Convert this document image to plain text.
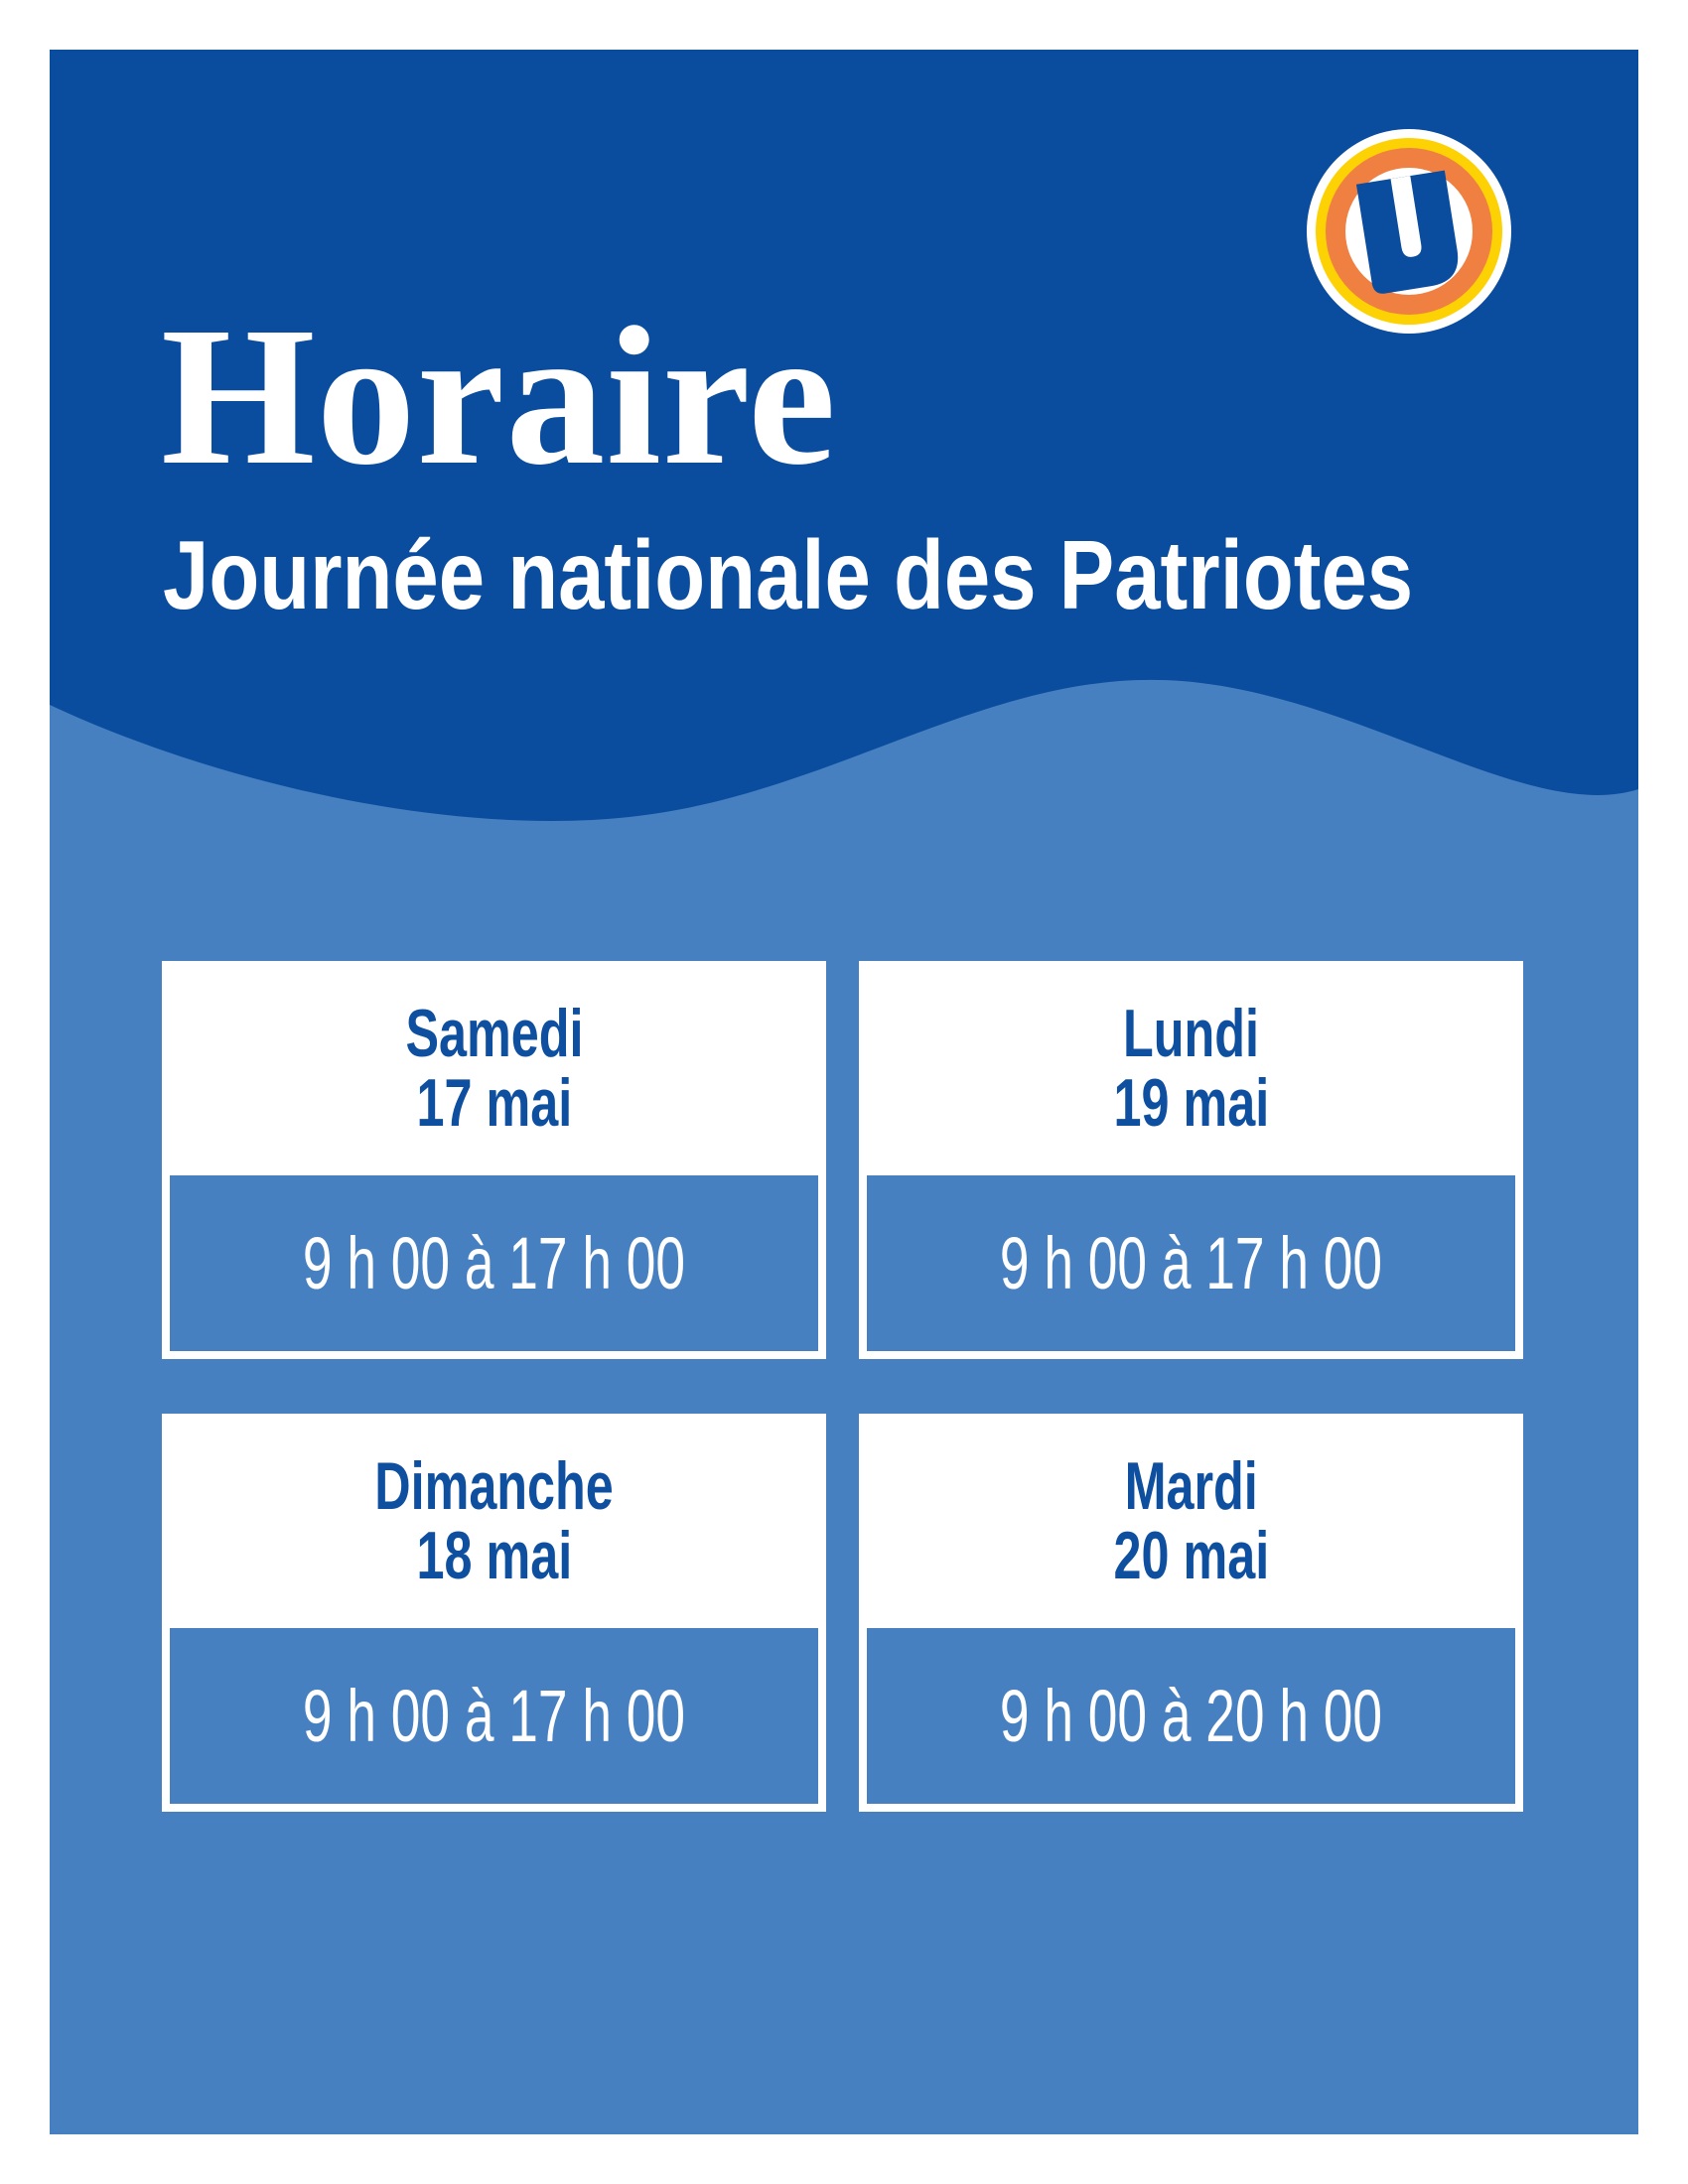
Horaire
Journée nationale des Patriotes
Samedi
17 mai
9 h 00 à 17 h 00
Lundi
19 mai
9 h 00 à 17 h 00
Dimanche
18 mai
9 h 00 à 17 h 00
Mardi
20 mai
9 h 00 à 20 h 00
